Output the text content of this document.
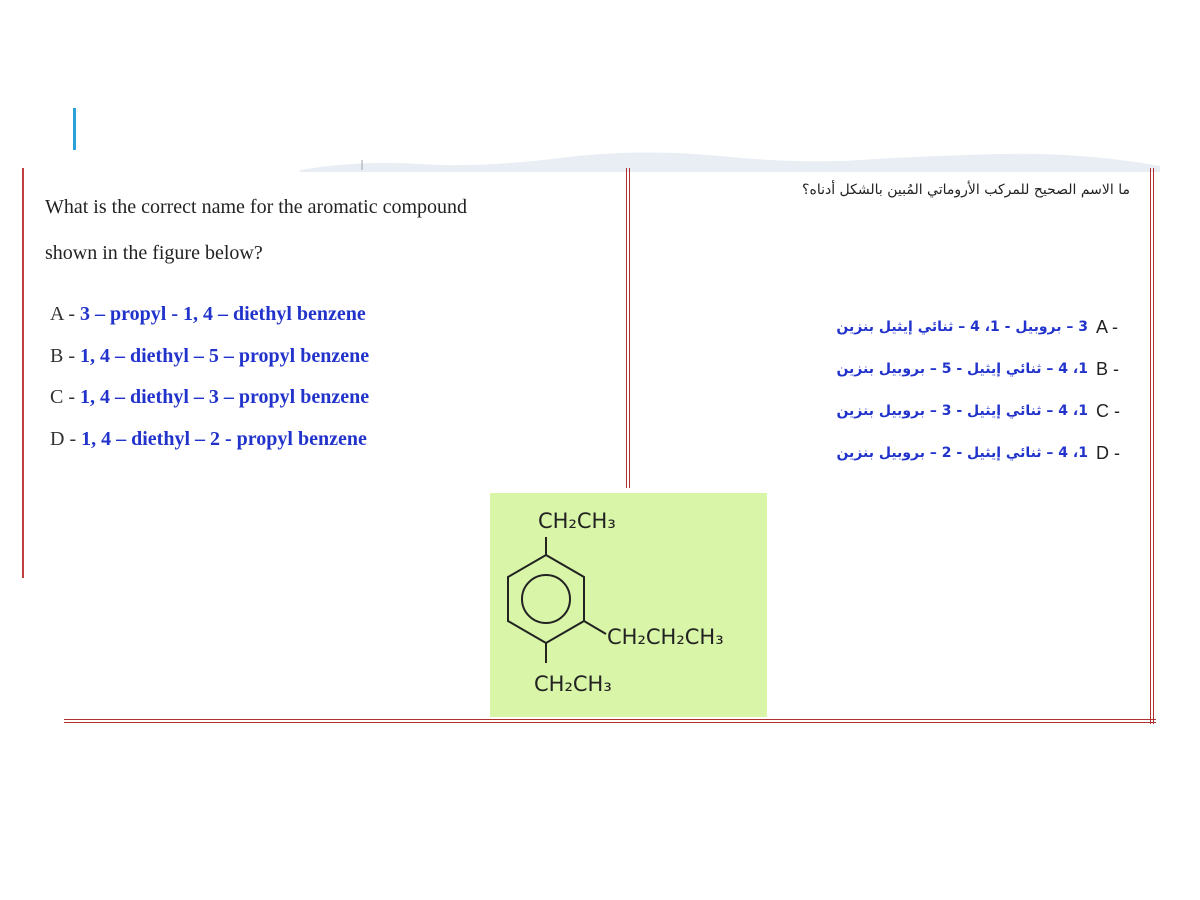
What is the correct name for the aromatic compound
shown in the figure below?
A - 3 – propyl - 1, 4 – diethyl benzene
B - 1, 4 – diethyl – 5 – propyl benzene
C - 1, 4 – diethyl – 3 – propyl benzene
D - 1, 4 – diethyl – 2 - propyl benzene
ما الاسم الصحيح للمركب الأروماتي المُبين بالشكل أدناه؟
3 – بروبيل - 1، 4 – ثنائي إيثيل بنزين A -
1، 4 – ثنائي إيثيل - 5 – بروبيل بنزين B -
1، 4 – ثنائي إيثيل - 3 – بروبيل بنزين C -
1، 4 – ثنائي إيثيل - 2 – بروبيل بنزين D -
CH₂CH₃
CH₂CH₂CH₃
CH₂CH₃
